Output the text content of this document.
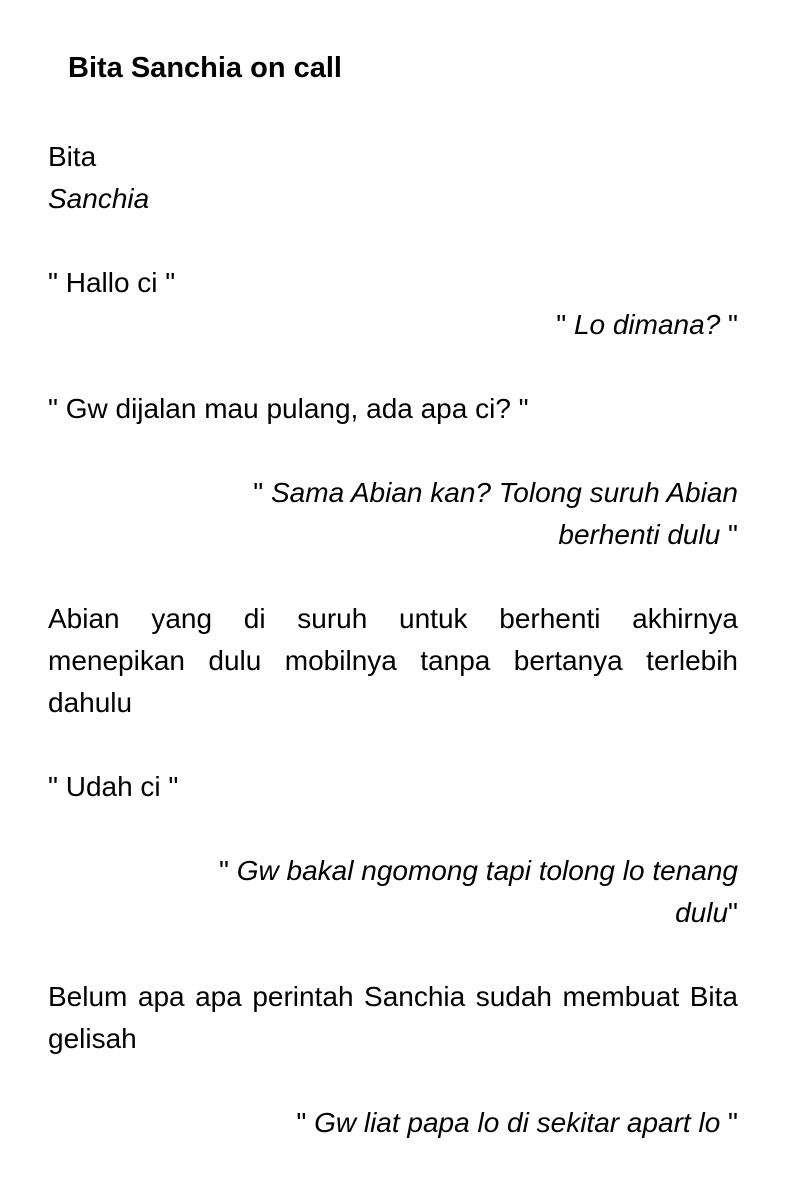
Bita Sanchia on call

Bita

Sanchia

" Hallo ci "

" Lo dimana? "

" Gw dijalan mau pulang, ada apa ci? "

" Sama Abian kan? Tolong suruh Abian

berhenti dulu "

Abian yang di suruh untuk berhenti akhirnya menepikan dulu mobilnya tanpa bertanya terlebih dahulu

" Udah ci "

" Gw bakal ngomong tapi tolong lo tenang

dulu"

Belum apa apa perintah Sanchia sudah membuat Bita gelisah

" Gw liat papa lo di sekitar apart lo "
